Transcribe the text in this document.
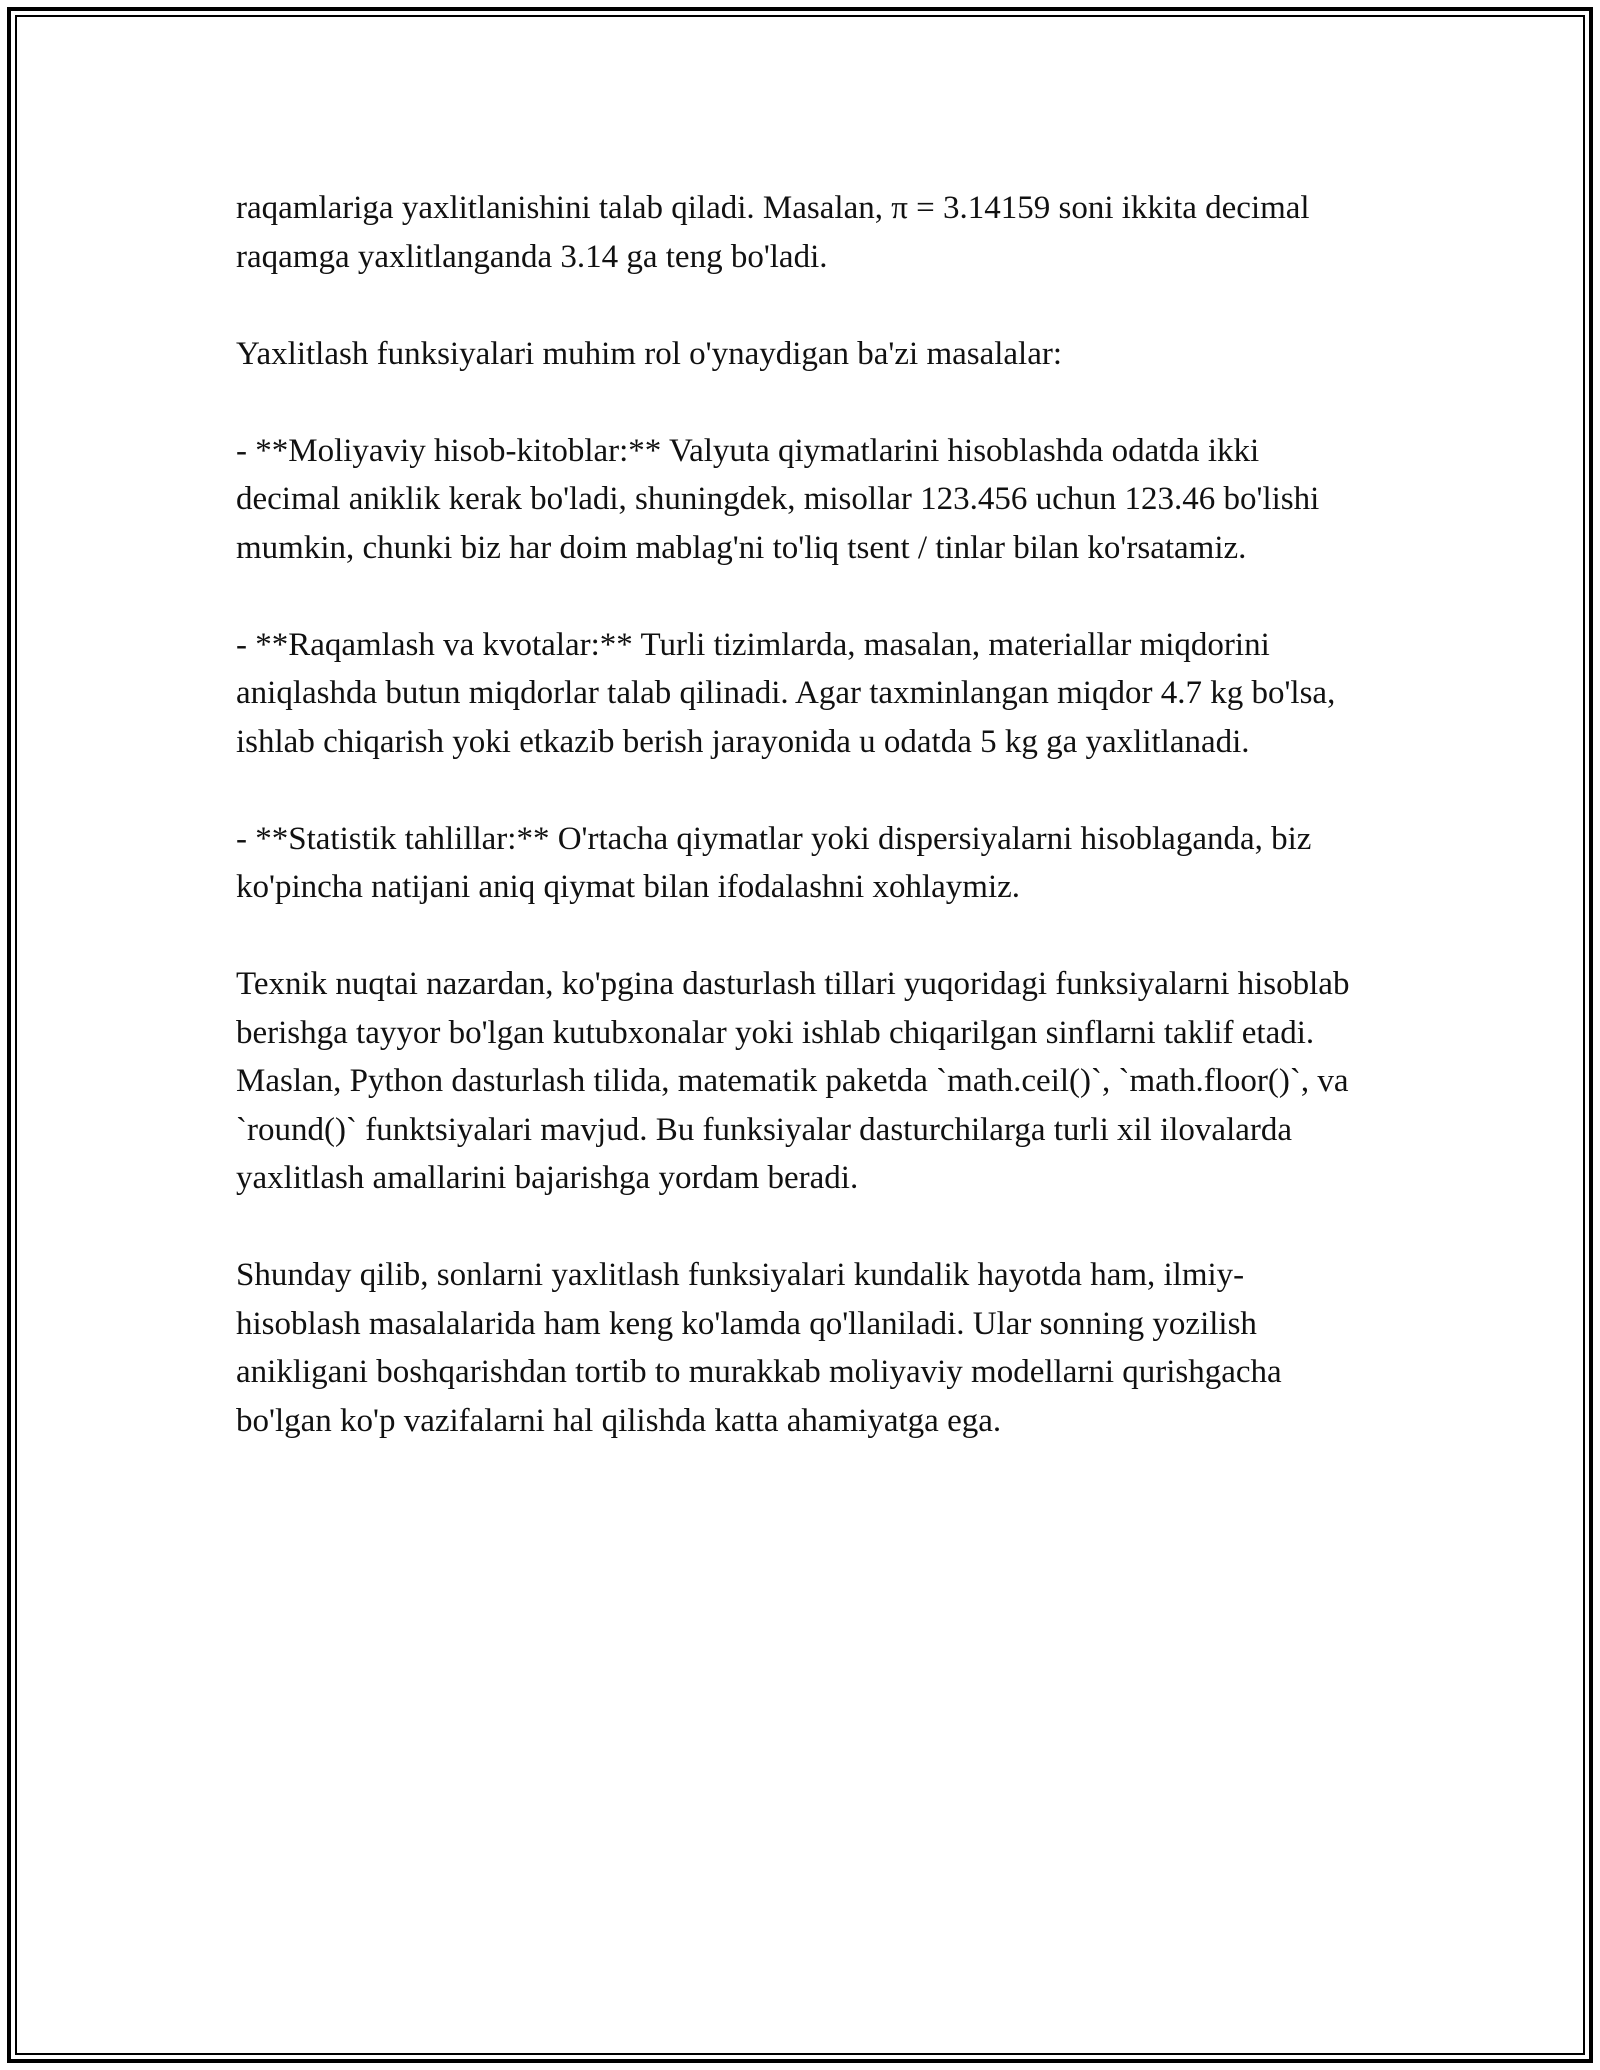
raqamlariga yaxlitlanishini talab qiladi. Masalan, π = 3.14159 soni ikkita decimal raqamga yaxlitlanganda 3.14 ga teng bo'ladi.

Yaxlitlash funksiyalari muhim rol o'ynaydigan ba'zi masalalar:

- **Moliyaviy hisob-kitoblar:** Valyuta qiymatlarini hisoblashda odatda ikki decimal aniklik kerak bo'ladi, shuningdek, misollar 123.456 uchun 123.46 bo'lishi mumkin, chunki biz har doim mablag'ni to'liq tsent / tinlar bilan ko'rsatamiz.

- **Raqamlash va kvotalar:** Turli tizimlarda, masalan, materiallar miqdorini aniqlashda butun miqdorlar talab qilinadi. Agar taxminlangan miqdor 4.7 kg bo'lsa, ishlab chiqarish yoki etkazib berish jarayonida u odatda 5 kg ga yaxlitlanadi.

- **Statistik tahlillar:** O'rtacha qiymatlar yoki dispersiyalarni hisoblaganda, biz ko'pincha natijani aniq qiymat bilan ifodalashni xohlaymiz.

Texnik nuqtai nazardan, ko'pgina dasturlash tillari yuqoridagi funksiyalarni hisoblab berishga tayyor bo'lgan kutubxonalar yoki ishlab chiqarilgan sinflarni taklif etadi. Maslan, Python dasturlash tilida, matematik paketda `math.ceil()`, `math.floor()`, va `round()` funktsiyalari mavjud. Bu funksiyalar dasturchilarga turli xil ilovalarda yaxlitlash amallarini bajarishga yordam beradi.

Shunday qilib, sonlarni yaxlitlash funksiyalari kundalik hayotda ham, ilmiy-hisoblash masalalarida ham keng ko'lamda qo'llaniladi. Ular sonning yozilish anikligani boshqarishdan tortib to murakkab moliyaviy modellarni qurishgacha bo'lgan ko'p vazifalarni hal qilishda katta ahamiyatga ega.
